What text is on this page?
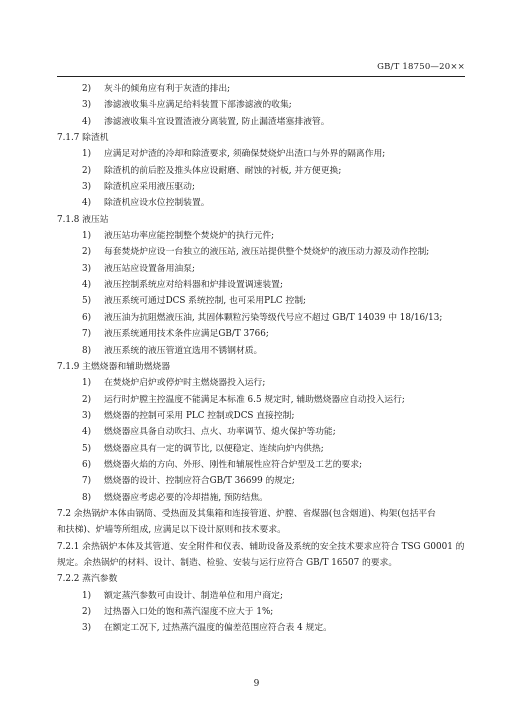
GB/T 18750—20××
2) 灰斗的倾角应有利于灰渣的排出;
3) 渗滤液收集斗应满足给料装置下部渗滤液的收集;
4) 渗滤液收集斗宜设置渣液分离装置, 防止漏渣堵塞排液管。
7.1.7 除渣机
1) 应满足对炉渣的冷却和除渣要求, 须确保焚烧炉出渣口与外界的隔离作用;
2) 除渣机的前后腔及推头体应设耐磨、耐蚀的衬板, 并方便更换;
3) 除渣机应采用液压驱动;
4) 除渣机应设水位控制装置。
7.1.8 液压站
1) 液压站功率应能控制整个焚烧炉的执行元件;
2) 每套焚烧炉应设一台独立的液压站, 液压站提供整个焚烧炉的液压动力源及动作控制;
3) 液压站应设置备用油泵;
4) 液压控制系统应对给料器和炉排设置调速装置;
5) 液压系统可通过DCS 系统控制, 也可采用PLC 控制;
6) 液压油为抗阻燃液压油, 其固体颗粒污染等级代号应不超过 GB/T 14039 中 18/16/13;
7) 液压系统通用技术条件应满足GB/T 3766;
8) 液压系统的液压管道宜选用不锈钢材质。
7.1.9 主燃烧器和辅助燃烧器
1) 在焚烧炉启炉或停炉时主燃烧器投入运行;
2) 运行时炉膛主控温度不能满足本标准 6.5 规定时, 辅助燃烧器应自动投入运行;
3) 燃烧器的控制可采用 PLC 控制或DCS 直接控制;
4) 燃烧器应具备自动吹扫、点火、功率调节、熄火保护等功能;
5) 燃烧器应具有一定的调节比, 以便稳定、连续向炉内供热;
6) 燃烧器火焰的方向、外形、刚性和辅展性应符合炉型及工艺的要求;
7) 燃烧器的设计、控制应符合GB/T 36699 的规定;
8) 燃烧器应考虑必要的冷却措施, 预防结焦。
7.2 余热锅炉本体由锅筒、受热面及其集箱和连接管道、炉膛、省煤器(包含烟道)、构架(包括平台
和扶梯)、炉墙等所组成, 应满足以下设计原则和技术要求。
7.2.1 余热锅炉本体及其管道、安全附件和仪表、辅助设备及系统的安全技术要求应符合 TSG G0001 的
规定。余热锅炉的材料、设计、制造、检验、安装与运行应符合 GB/T 16507 的要求。
7.2.2 蒸汽参数
1) 额定蒸汽参数可由设计、制造单位和用户商定;
2) 过热器入口处的饱和蒸汽湿度不应大于 1%;
3) 在额定工况下, 过热蒸汽温度的偏差范围应符合表 4 规定。
9
